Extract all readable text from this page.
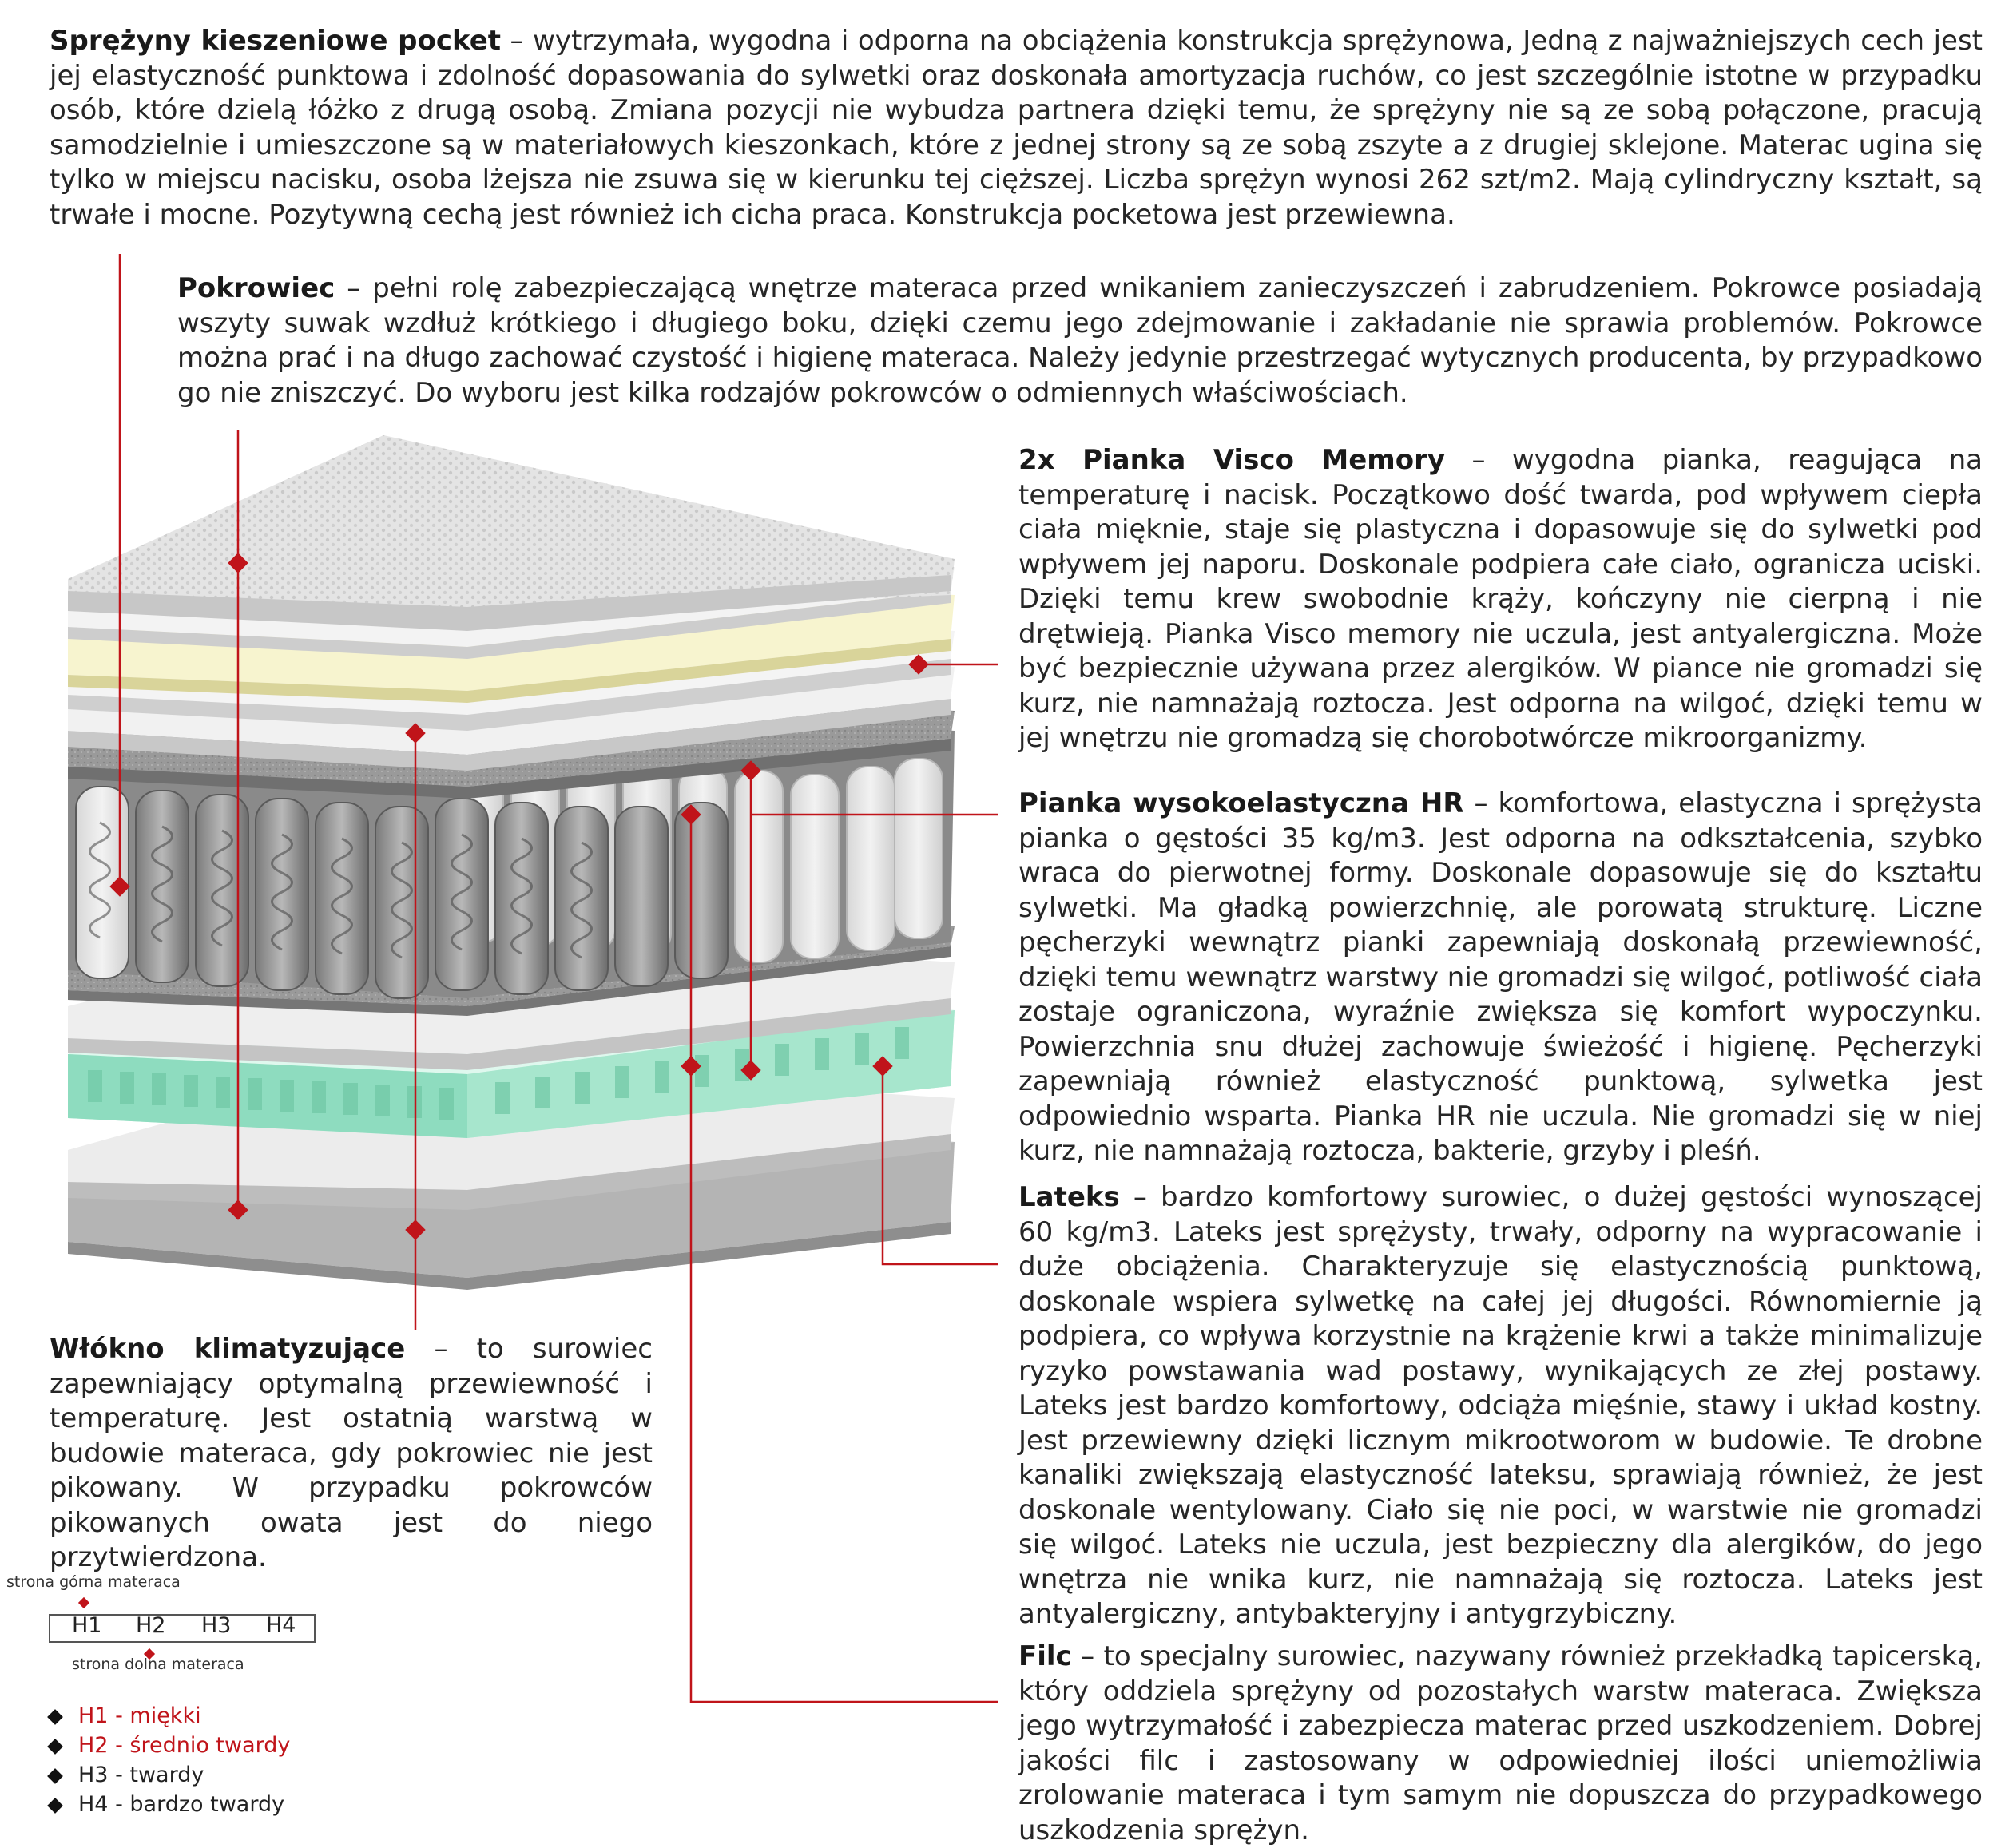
Sprężyny kieszeniowe pocket – wytrzymała, wygodna i odporna na obciążenia konstrukcja sprężynowa, Jedną z najważniejszych cech jest jej elastyczność punktowa i zdolność dopasowania do sylwetki oraz doskonała amortyzacja ruchów, co jest szczególnie istotne w przypadku osób, które dzielą łóżko z drugą osobą. Zmiana pozycji nie wybudza partnera dzięki temu, że sprężyny nie są ze sobą połączone, pracują samodzielnie i umieszczone są w materiałowych kieszonkach, które z jednej strony są ze sobą zszyte a z drugiej sklejone. Materac ugina się tylko w miejscu nacisku, osoba lżejsza nie zsuwa się w kierunku tej cięższej. Liczba sprężyn wynosi 262 szt/m2. Mają cylindryczny kształt, są trwałe i mocne. Pozytywną cechą jest również ich cicha praca. Konstrukcja pocketowa jest przewiewna.
Pokrowiec – pełni rolę zabezpieczającą wnętrze materaca przed wnikaniem zanieczyszczeń i zabrudzeniem. Pokrowce posiadają wszyty suwak wzdłuż krótkiego i długiego boku, dzięki czemu jego zdejmowanie i zakładanie nie sprawia problemów. Pokrowce można prać i na długo zachować czystość i higienę materaca. Należy jedynie przestrzegać wytycznych producenta, by przypadkowo go nie zniszczyć. Do wyboru jest kilka rodzajów pokrowców o odmiennych właściwościach.
2x Pianka Visco Memory – wygodna pianka, reagująca na temperaturę i nacisk. Początkowo dość twarda, pod wpływem ciepła ciała mięknie, staje się plastyczna i dopasowuje się do sylwetki pod wpływem jej naporu. Doskonale podpiera całe ciało, ogranicza uciski. Dzięki temu krew swobodnie krąży, kończyny nie cierpną i nie drętwieją. Pianka Visco memory nie uczula, jest antyalergiczna. Może być bezpiecznie używana przez alergików. W piance nie gromadzi się kurz, nie namnażają roztocza. Jest odporna na wilgoć, dzięki temu w jej wnętrzu nie gromadzą się chorobotwórcze mikroorganizmy.
Pianka wysokoelastyczna HR – komfortowa, elastyczna i sprężysta pianka o gęstości 35 kg/m3. Jest odporna na odkształcenia, szybko wraca do pierwotnej formy. Doskonale dopasowuje się do kształtu sylwetki. Ma gładką powierzchnię, ale porowatą strukturę. Liczne pęcherzyki wewnątrz pianki zapewniają doskonałą przewiewność, dzięki temu wewnątrz warstwy nie gromadzi się wilgoć, potliwość ciała zostaje ograniczona, wyraźnie zwiększa się komfort wypoczynku. Powierzchnia snu dłużej zachowuje świeżość i higienę. Pęcherzyki zapewniają również elastyczność punktową, sylwetka jest odpowiednio wsparta. Pianka HR nie uczula. Nie gromadzi się w niej kurz, nie namnażają roztocza, bakterie, grzyby i pleśń.
Lateks – bardzo komfortowy surowiec, o dużej gęstości wynoszącej 60 kg/m3. Lateks jest sprężysty, trwały, odporny na wypracowanie i duże obciążenia. Charakteryzuje się elastycznością punktową, doskonale wspiera sylwetkę na całej jej długości. Równomiernie ją podpiera, co wpływa korzystnie na krążenie krwi a także minimalizuje ryzyko powstawania wad postawy, wynikających ze złej postawy. Lateks jest bardzo komfortowy, odciąża mięśnie, stawy i układ kostny. Jest przewiewny dzięki licznym mikrootworom w budowie. Te drobne kanaliki zwiększają elastyczność lateksu, sprawiają również, że jest doskonale wentylowany. Ciało się nie poci, w warstwie nie gromadzi się wilgoć. Lateks nie uczula, jest bezpieczny dla alergików, do jego wnętrza nie wnika kurz, nie namnażają się roztocza. Lateks jest antyalergiczny, antybakteryjny i antygrzybiczny.
Filc – to specjalny surowiec, nazywany również przekładką tapicerską, który oddziela sprężyny od pozostałych warstw materaca. Zwiększa jego wytrzymałość i zabezpiecza materac przed uszkodzeniem. Dobrej jakości filc i zastosowany w odpowiedniej ilości uniemożliwia zrolowanie materaca i tym samym nie dopuszcza do przypadkowego uszkodzenia sprężyn.
Włókno klimatyzujące – to surowiec zapewniający optymalną przewiewność i temperaturę. Jest ostatnią warstwą w budowie materaca, gdy pokrowiec nie jest pikowany. W przypadku pokrowców pikowanych owata jest do niego przytwierdzona.
strona górna materaca
H1 H2 H3 H4
strona dolna materaca
H1 - miękki
H2 - średnio twardy
H3 - twardy
H4 - bardzo twardy
